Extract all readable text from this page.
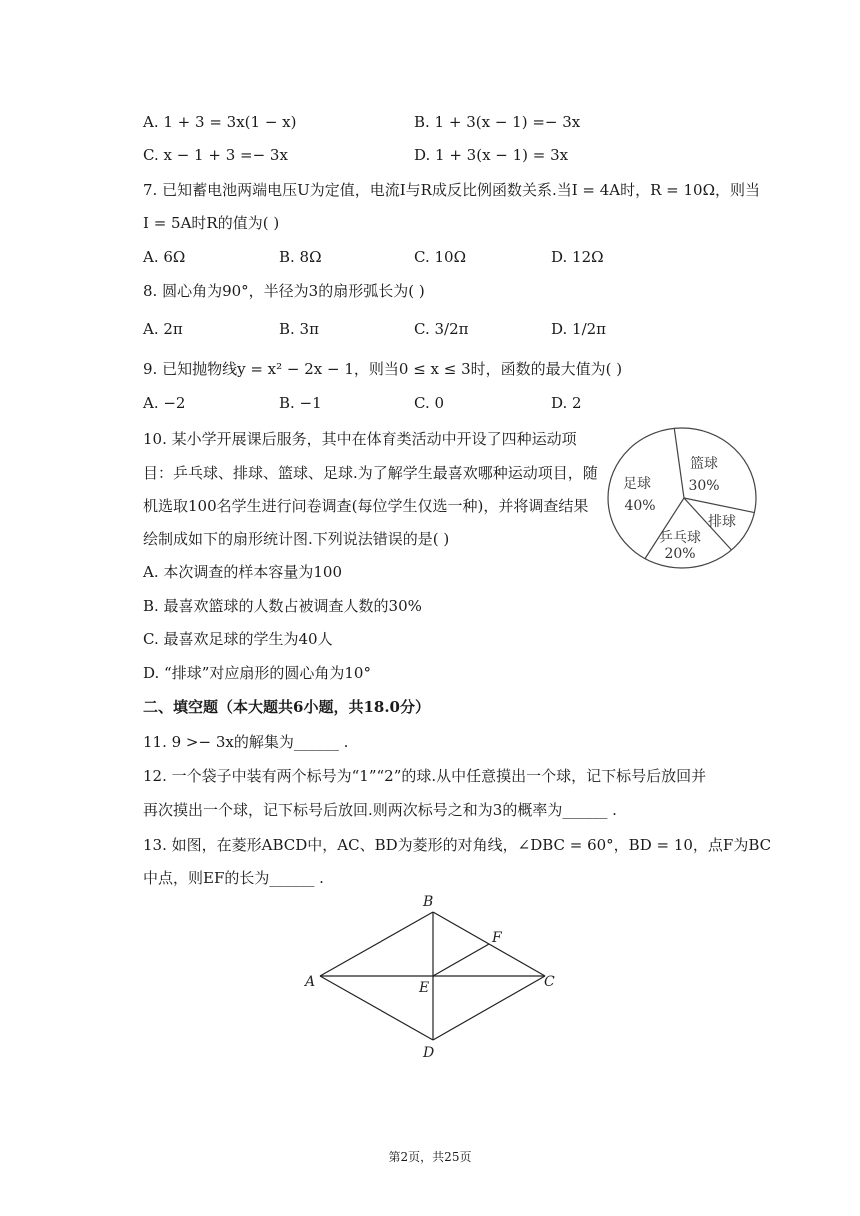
A. 1 + 3 = 3x(1 − x)	B. 1 + 3(x − 1) =− 3x
C. x − 1 + 3 =− 3x	D. 1 + 3(x − 1) = 3x
7. 已知蓄电池两端电压U为定值，电流I与R成反比例函数关系.当I = 4A时，R = 10Ω，则当
I = 5A时R的值为( )
A. 6Ω	B. 8Ω	C. 10Ω	D. 12Ω
8. 圆心角为90°，半径为3的扇形弧长为( )
A. 2π	B. 3π	C. 3/2π	D. 1/2π
9. 已知抛物线y = x² − 2x − 1，则当0 ≤ x ≤ 3时，函数的最大值为( )
A. −2	B. −1	C. 0	D. 2
10. 某小学开展课后服务，其中在体育类活动中开设了四种运动项
目：乒乓球、排球、篮球、足球.为了解学生最喜欢哪种运动项目，随
机选取100名学生进行问卷调查(每位学生仅选一种)，并将调查结果
绘制成如下的扇形统计图.下列说法错误的是( )
足球
40%
篮球
30%
排球
乒乓球
20%
A. 本次调查的样本容量为100
B. 最喜欢篮球的人数占被调查人数的30%
C. 最喜欢足球的学生为40人
D. “排球”对应扇形的圆心角为10°
二、填空题（本大题共6小题，共18.0分）
11. 9 >− 3x的解集为______ .
12. 一个袋子中装有两个标号为“1”“2”的球.从中任意摸出一个球，记下标号后放回并
再次摸出一个球，记下标号后放回.则两次标号之和为3的概率为______ .
13. 如图，在菱形ABCD中，AC、BD为菱形的对角线，∠DBC = 60°，BD = 10，点F为BC
中点，则EF的长为______ .
B
F
A	E	C
D
第2页，共25页
